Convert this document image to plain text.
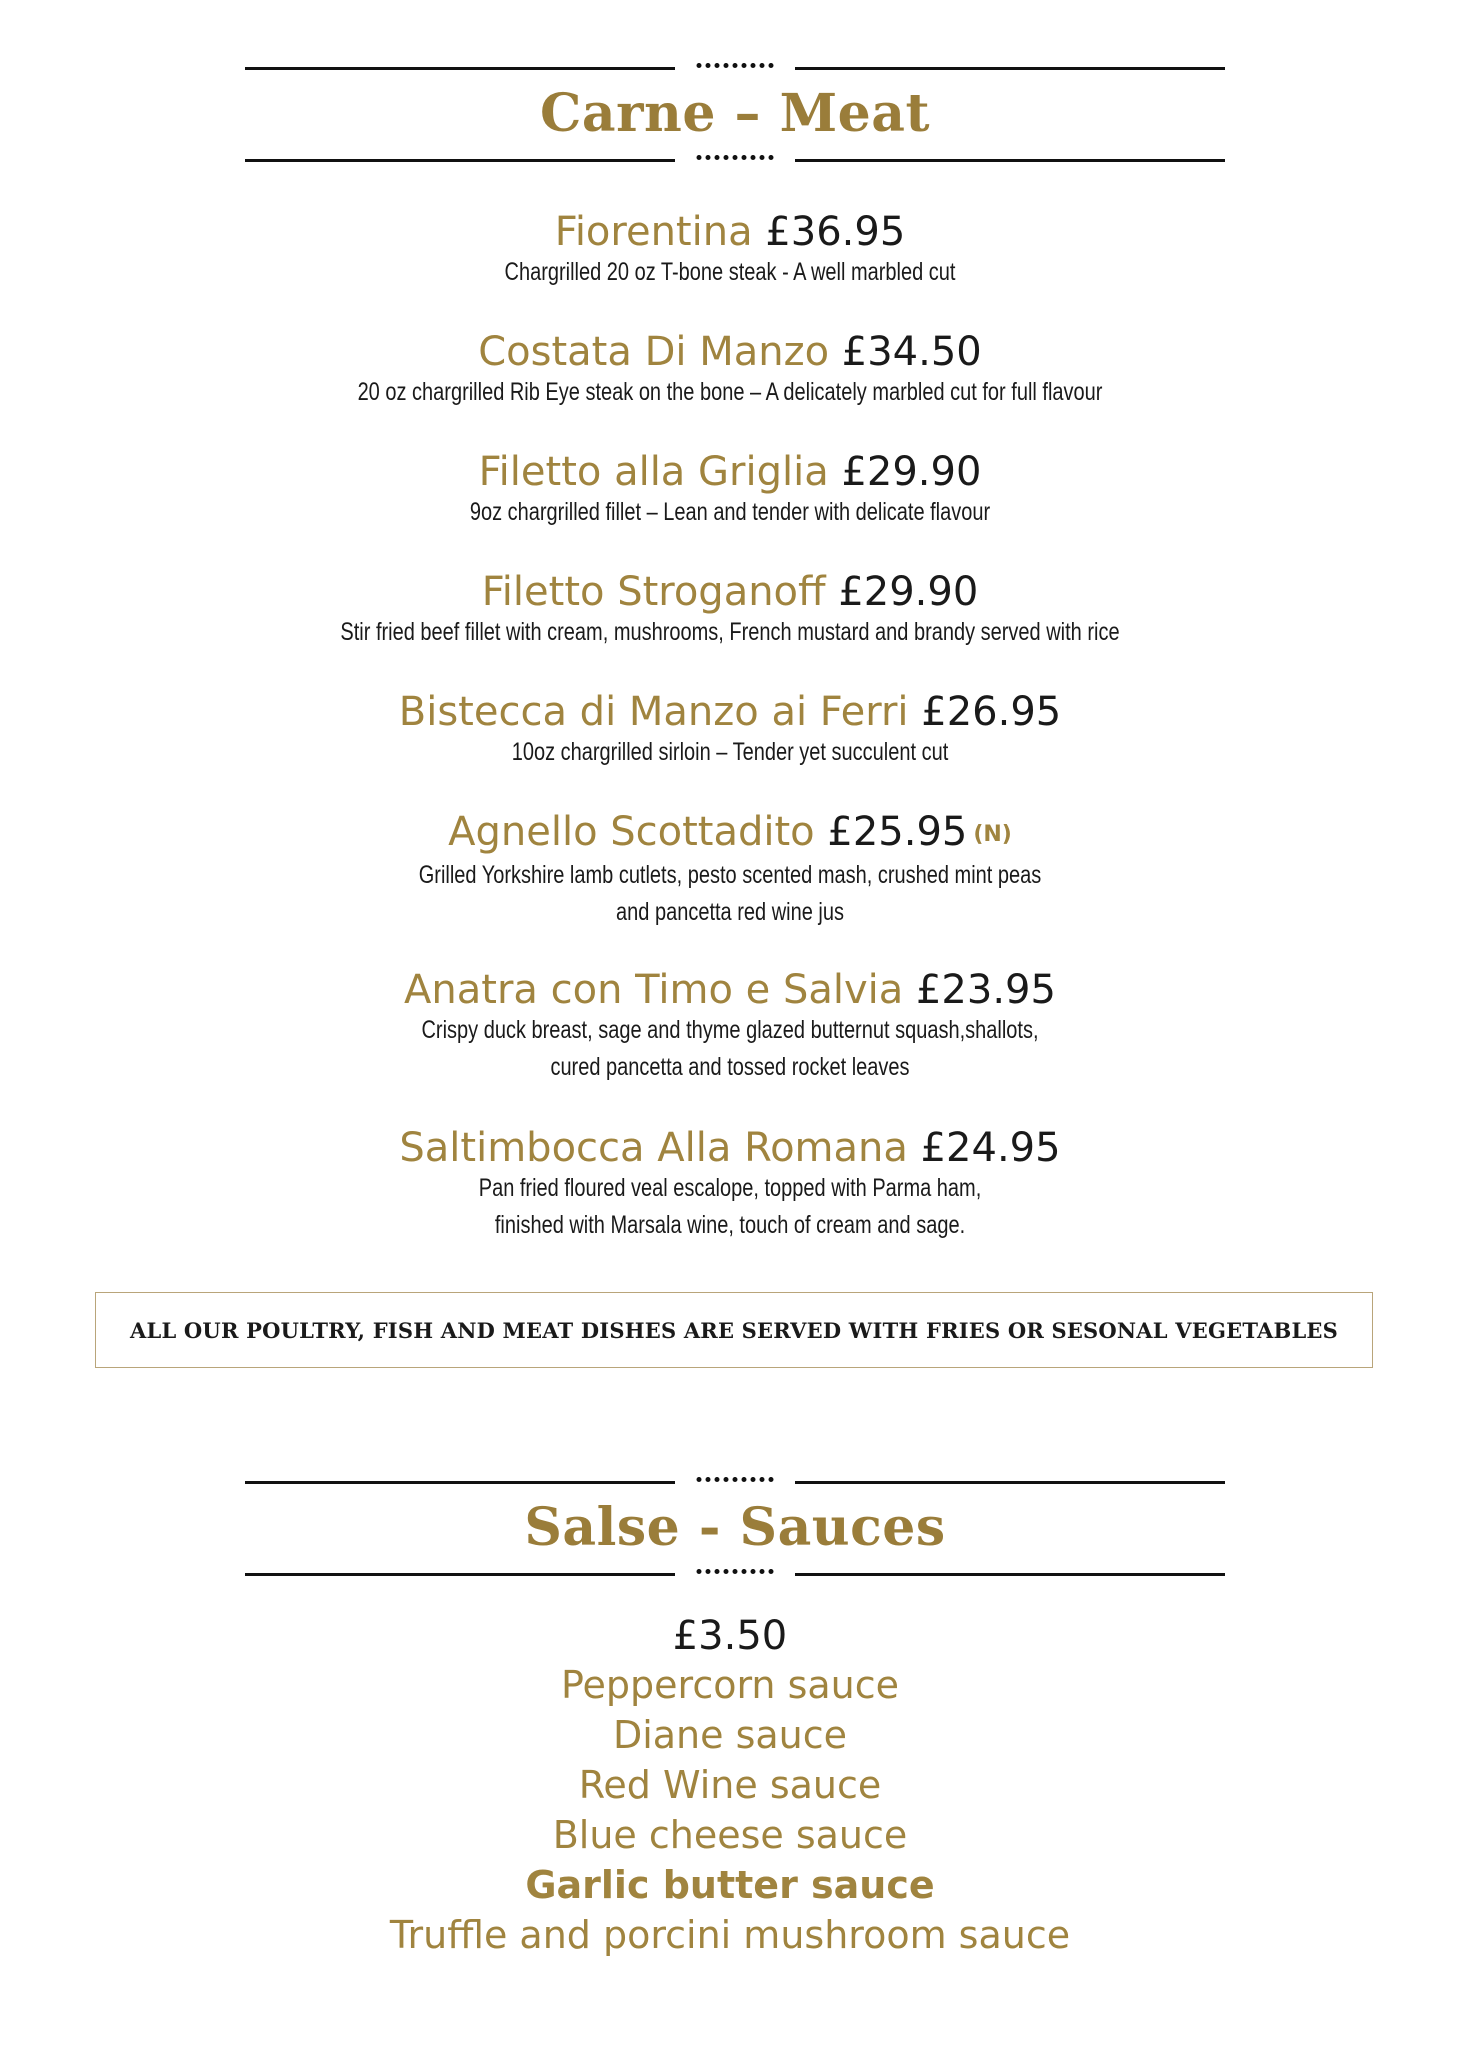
Carne – Meat
Fiorentina £36.95
Chargrilled 20 oz T-bone steak - A well marbled cut
Costata Di Manzo £34.50
20 oz chargrilled Rib Eye steak on the bone – A delicately marbled cut for full flavour
Filetto alla Griglia £29.90
9oz chargrilled fillet – Lean and tender with delicate flavour
Filetto Stroganoff £29.90
Stir fried beef fillet with cream, mushrooms, French mustard and brandy served with rice
Bistecca di Manzo ai Ferri £26.95
10oz chargrilled sirloin – Tender yet succulent cut
Agnello Scottadito £25.95 (N)
Grilled Yorkshire lamb cutlets, pesto scented mash, crushed mint peas
and pancetta red wine jus
Anatra con Timo e Salvia £23.95
Crispy duck breast, sage and thyme glazed butternut squash,shallots,
cured pancetta and tossed rocket leaves
Saltimbocca Alla Romana £24.95
Pan fried floured veal escalope, topped with Parma ham,
finished with Marsala wine, touch of cream and sage.
ALL OUR POULTRY, FISH AND MEAT DISHES ARE SERVED WITH FRIES OR SESONAL VEGETABLES
Salse - Sauces
£3.50
Peppercorn sauce
Diane sauce
Red Wine sauce
Blue cheese sauce
Garlic butter sauce
Truffle and porcini mushroom sauce
